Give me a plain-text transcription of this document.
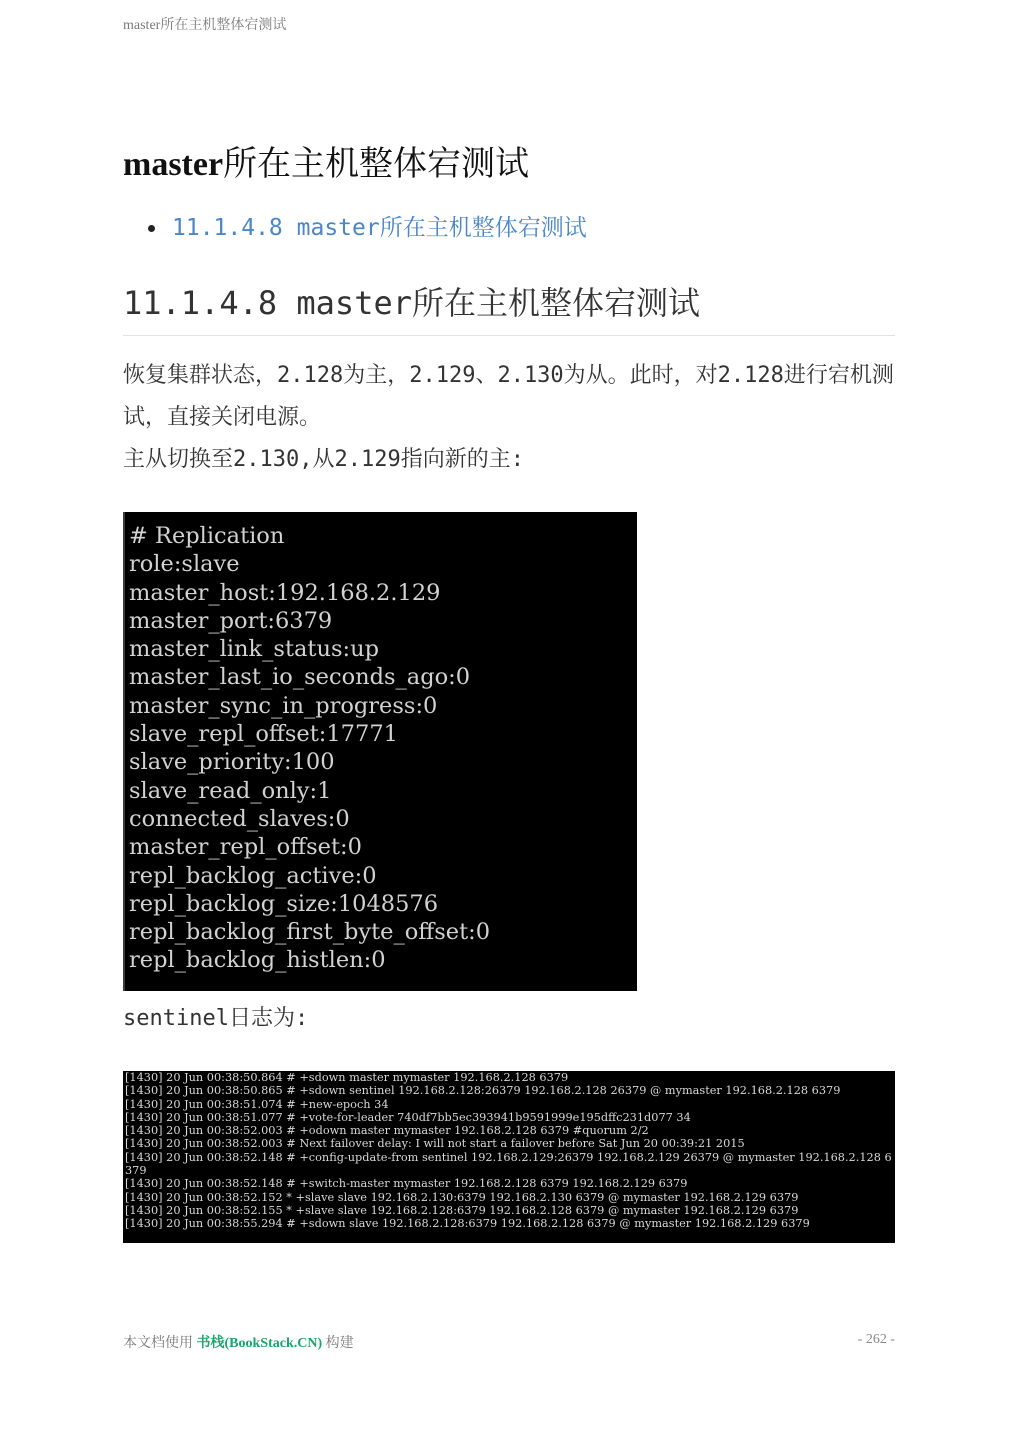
master所在主机整体宕测试
master所在主机整体宕测试
11.1.4.8 master所在主机整体宕测试
11.1.4.8 master所在主机整体宕测试

恢复集群状态，2.128为主，2.129、2.130为从。此时，对2.128进行宕机测试，直接关闭电源。

主从切换至2.130,从2.129指向新的主:

# Replication
role:slave
master_host:192.168.2.129
master_port:6379
master_link_status:up
master_last_io_seconds_ago:0
master_sync_in_progress:0
slave_repl_offset:17771
slave_priority:100
slave_read_only:1
connected_slaves:0
master_repl_offset:0
repl_backlog_active:0
repl_backlog_size:1048576
repl_backlog_first_byte_offset:0
repl_backlog_histlen:0

sentinel日志为:

[1430] 20 Jun 00:38:50.864 # +sdown master mymaster 192.168.2.128 6379
[1430] 20 Jun 00:38:50.865 # +sdown sentinel 192.168.2.128:26379 192.168.2.128 26379 @ mymaster 192.168.2.128 6379
[1430] 20 Jun 00:38:51.074 # +new-epoch 34
[1430] 20 Jun 00:38:51.077 # +vote-for-leader 740df7bb5ec393941b9591999e195dffc231d077 34
[1430] 20 Jun 00:38:52.003 # +odown master mymaster 192.168.2.128 6379 #quorum 2/2
[1430] 20 Jun 00:38:52.003 # Next failover delay: I will not start a failover before Sat Jun 20 00:39:21 2015
[1430] 20 Jun 00:38:52.148 # +config-update-from sentinel 192.168.2.129:26379 192.168.2.129 26379 @ mymaster 192.168.2.128 6379
[1430] 20 Jun 00:38:52.148 # +switch-master mymaster 192.168.2.128 6379 192.168.2.129 6379
[1430] 20 Jun 00:38:52.152 * +slave slave 192.168.2.130:6379 192.168.2.130 6379 @ mymaster 192.168.2.129 6379
[1430] 20 Jun 00:38:52.155 * +slave slave 192.168.2.128:6379 192.168.2.128 6379 @ mymaster 192.168.2.129 6379
[1430] 20 Jun 00:38:55.294 # +sdown slave 192.168.2.128:6379 192.168.2.128 6379 @ mymaster 192.168.2.129 6379
本文档使用 书栈(BookStack.CN) 构建	- 262 -
